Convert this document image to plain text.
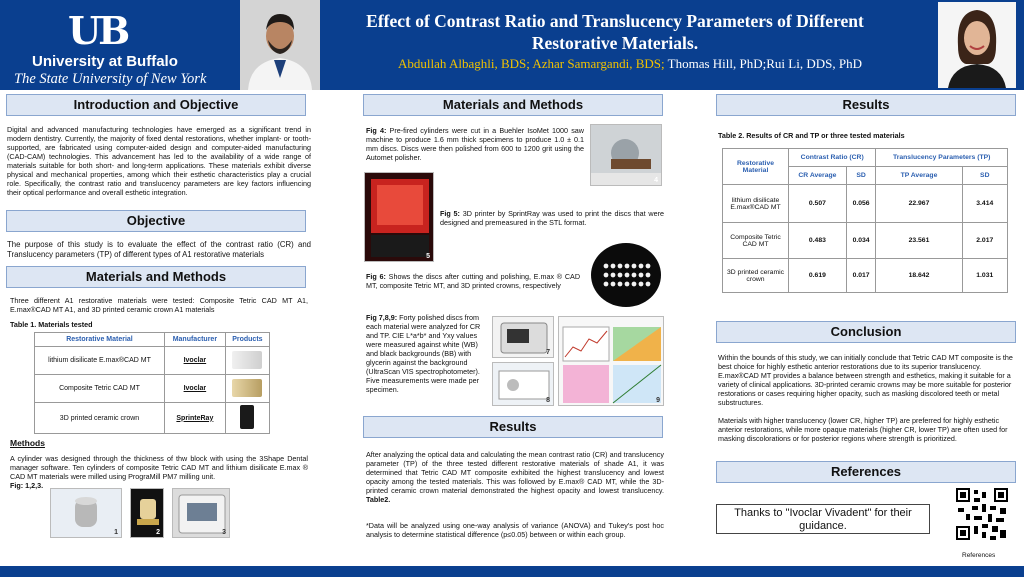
UB
University at Buffalo
The State University of New York
Effect of Contrast Ratio and Translucency Parameters of Different
Restorative Materials.
Abdullah Albaghli, BDS; Azhar Samargandi, BDS; Thomas Hill, PhD;Rui Li, DDS, PhD
Introduction and Objective
Digital and advanced manufacturing technologies have emerged as a significant trend in modern dentistry. Currently, the majority of fixed dental restorations, whether implant- or tooth-supported, are fabricated using computer-aided design and computer-aided manufacturing (CAD-CAM) technologies. This advancement has led to the availability of a wide range of materials suitable for both short- and long-term applications. These materials exhibit diverse physical and mechanical properties, among which their esthetic characteristics play a crucial role. Specifically, the contrast ratio and translucency parameters are key factors influencing their optical performance and overall esthetic integration.
Objective
The purpose of this study is to evaluate the effect of the contrast ratio (CR) and Translucency parameters (TP) of different types of A1 restorative materials
Materials and Methods
Three different A1 restorative materials were tested: Composite Tetric CAD MT A1, E.max®CAD MT A1, and 3D printed ceramic crown A1 materials
Table 1. Materials tested
Restorative Material	Manufacturer	Products
lithium disilicate E.max®CAD MT	Ivoclar	
Composite Tetric CAD MT	Ivoclar	
3D printed ceramic crown	SprinteRay	
Methods
A cylinder was designed through the thickness of thw block with using the 3Shape Dental manager software. Ten cylinders of composite Tetric CAD MT and lithium disilicate E.max ® CAD MT materials were milled using PrograMill PM7 milling unit.
Fig: 1,2,3.
1	2	3
Materials and Methods
Fig 4: Pre-fired cylinders were cut in a Buehler IsoMet 1000 saw machine to produce 1.6 mm thick specimens to produce 1.0 ± 0.1 mm discs. Discs were then polished from 600 to 1200 grit using the Automet polisher.
4
5
Fig 5: 3D printer by SprintRay was used to print the discs that were designed and premeasured in the STL format.
Fig 6: Shows the discs after cutting and polishing, E.max ® CAD MT, composite Tetric MT, and 3D printed crowns, respectively
6
Fig 7,8,9: Forty polished discs from each material were analyzed for CR and TP. CIE L*a*b* and Yxy values were measured against white (WB) and black backgrounds (BB) with glycerin against the background (UltraScan VIS spectrophotometer). Five measurements were made per specimen.
7
8	9
Results
After analyzing the optical data and calculating the mean contrast ratio (CR) and translucency parameter (TP) of the three tested different restorative materials of shade A1, it was determined that Tetric CAD MT composite exhibited the highest translucency and lowest opacity among the tested materials. This was followed by E.max® CAD MT, while the 3D-printed ceramic crown material demonstrated the highest opacity and lowest translucency. Table2.
*Data will be analyzed using one-way analysis of variance (ANOVA) and Tukey's post hoc analysis to determine statistical difference (p≤0.05) between or within each group.
Results
Table 2. Results of CR and TP or three tested materials
Restorative Material	Contrast Ratio (CR)		Translucency Parameters (TP)	
	CR Average	SD	TP Average	SD
lithium disilicate E.max®CAD MT	0.507	0.056	22.967	3.414
Composite Tetric CAD MT	0.483	0.034	23.561	2.017
3D printed ceramic crown	0.619	0.017	18.642	1.031
Conclusion
Within the bounds of this study, we can initially conclude that Tetric CAD MT composite is the best choice for highly esthetic anterior restorations due to its superior translucency. E.max®CAD MT provides a balance between strength and esthetics, making it suitable for a variety of clinical applications. 3D-printed ceramic crowns may be more suitable for posterior restorations or cases requiring higher opacity, such as masking discolored teeth or metal substructures.
Materials with higher translucency (lower CR, higher TP) are preferred for highly esthetic anterior restorations, while more opaque materials (higher CR, lower TP) are often used for masking discolorations or for posterior regions where strength is prioritized.
References
Thanks to "Ivoclar Vivadent" for their guidance.
References
